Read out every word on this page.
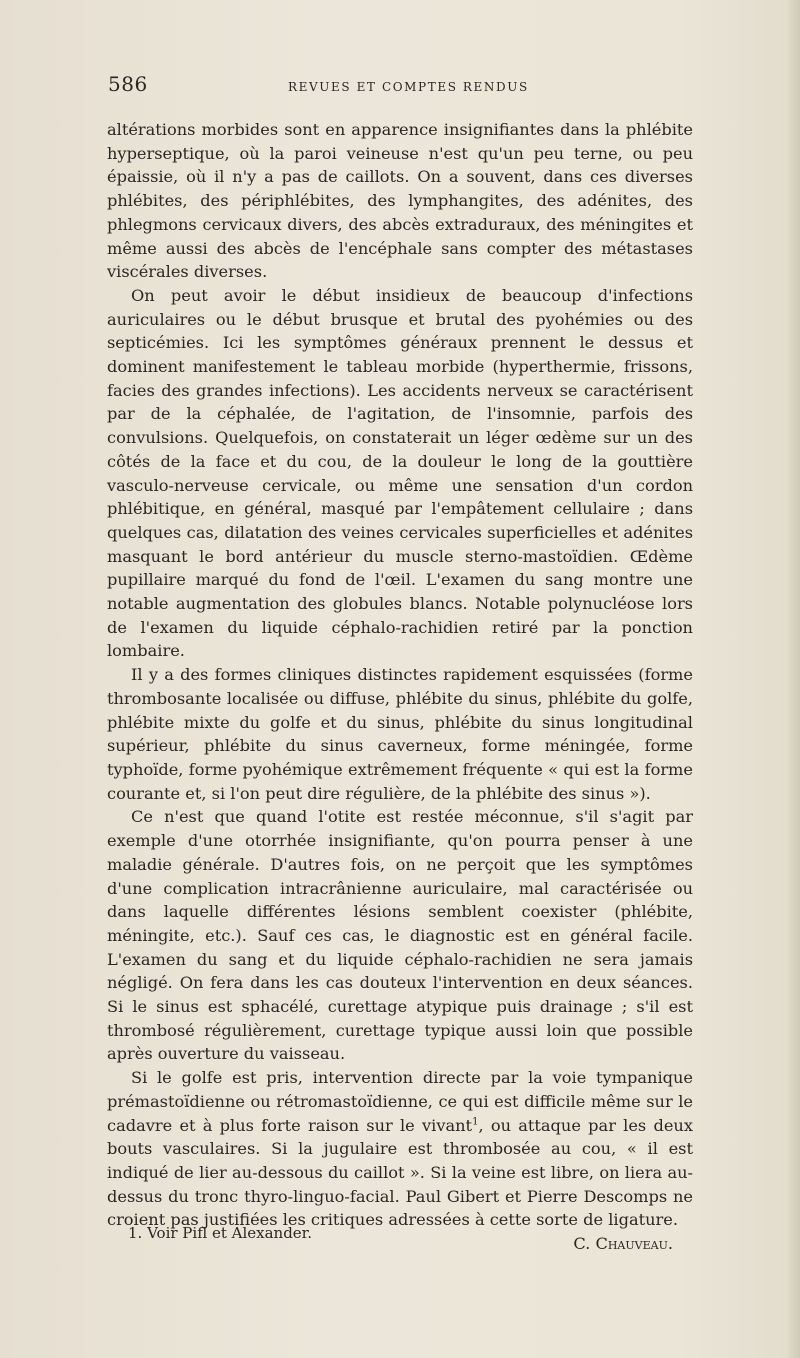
586	REVUES ET COMPTES RENDUS

altérations morbides sont en apparence insignifiantes dans la phlébite hyperseptique, où la paroi veineuse n'est qu'un peu terne, ou peu épaissie, où il n'y a pas de caillots. On a souvent, dans ces diverses phlébites, des périphlébites, des lymphangites, des adénites, des phlegmons cervicaux divers, des abcès extraduraux, des méningites et même aussi des abcès de l'encéphale sans compter des métastases viscérales diverses.

On peut avoir le début insidieux de beaucoup d'infections auriculaires ou le début brusque et brutal des pyohémies ou des septicémies. Ici les symptômes généraux prennent le dessus et dominent manifestement le tableau morbide (hyperthermie, frissons, facies des grandes infections). Les accidents nerveux se caractérisent par de la céphalée, de l'agitation, de l'insomnie, parfois des convulsions. Quelquefois, on constaterait un léger œdème sur un des côtés de la face et du cou, de la douleur le long de la gouttière vasculo-nerveuse cervicale, ou même une sensation d'un cordon phlébitique, en général, masqué par l'empâtement cellulaire ; dans quelques cas, dilatation des veines cervicales superficielles et adénites masquant le bord antérieur du muscle sterno-mastoïdien. Œdème pupillaire marqué du fond de l'œil. L'examen du sang montre une notable augmentation des globules blancs. Notable polynucléose lors de l'examen du liquide céphalo-rachidien retiré par la ponction lombaire.

Il y a des formes cliniques distinctes rapidement esquissées (forme thrombosante localisée ou diffuse, phlébite du sinus, phlébite du golfe, phlébite mixte du golfe et du sinus, phlébite du sinus longitudinal supérieur, phlébite du sinus caverneux, forme méningée, forme typhoïde, forme pyohémique extrêmement fréquente « qui est la forme courante et, si l'on peut dire régulière, de la phlébite des sinus »).

Ce n'est que quand l'otite est restée méconnue, s'il s'agit par exemple d'une otorrhée insignifiante, qu'on pourra penser à une maladie générale. D'autres fois, on ne perçoit que les symptômes d'une complication intracrânienne auriculaire, mal caractérisée ou dans laquelle différentes lésions semblent coexister (phlébite, méningite, etc.). Sauf ces cas, le diagnostic est en général facile. L'examen du sang et du liquide céphalo-rachidien ne sera jamais négligé. On fera dans les cas douteux l'intervention en deux séances. Si le sinus est sphacélé, curettage atypique puis drainage ; s'il est thrombosé régulièrement, curettage typique aussi loin que possible après ouverture du vaisseau.

Si le golfe est pris, intervention directe par la voie tympanique prémastoïdienne ou rétromastoïdienne, ce qui est difficile même sur le cadavre et à plus forte raison sur le vivant$^1$, ou attaque par les deux bouts vasculaires. Si la jugulaire est thrombosée au cou, « il est indiqué de lier au-dessous du caillot ». Si la veine est libre, on liera au-dessus du tronc thyro-linguo-facial. Paul Gibert et Pierre Descomps ne croient pas justifiées les critiques adressées à cette sorte de ligature.
C. Chauveau.

1. Voir Pifl et Alexander.
